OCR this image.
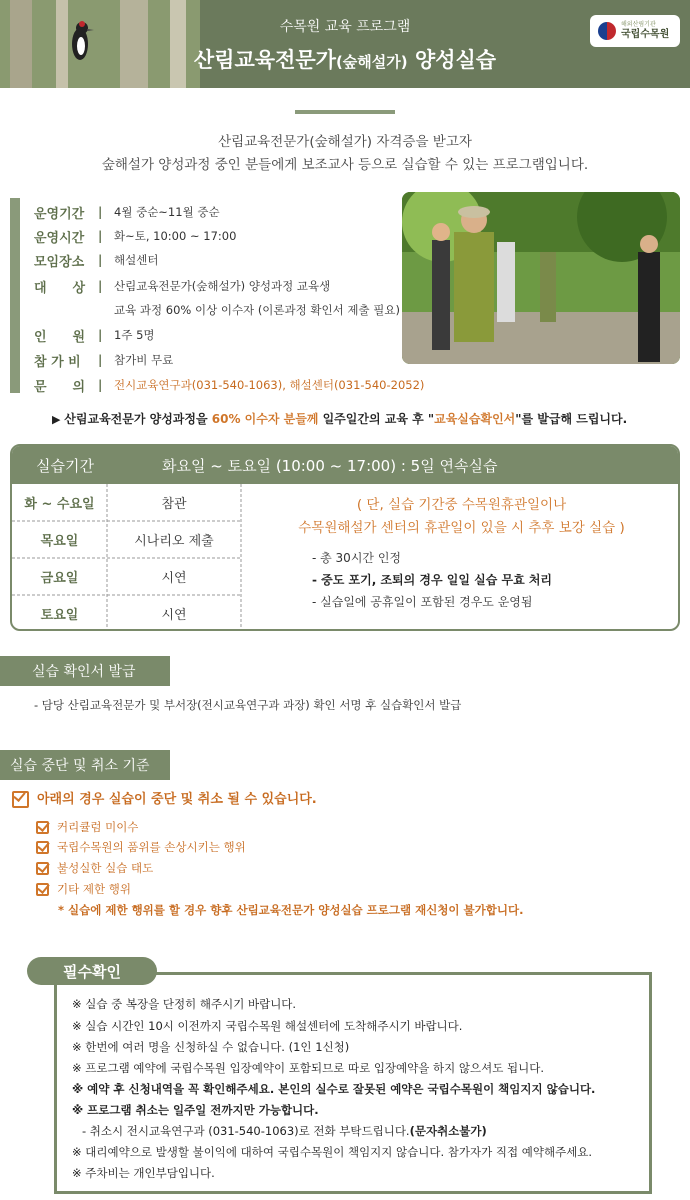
수목원 교육 프로그램
산림교육전문가(숲해설가) 양성실습
해외산림기관
국립수목원
산림교육전문가(숲해설가) 자격증을 받고자
숲해설가 양성과정 중인 분들에게 보조교사 등으로 실습할 수 있는 프로그램입니다.
운영기간	|	4월 중순~11월 중순
운영시간	|	화~토, 10:00 ~ 17:00
모임장소	|	해설센터
대　　상	|	산림교육전문가(숲해설가) 양성과정 교육생
교육 과정 60% 이상 이수자 (이론과정 확인서 제출 필요)
인　　원	|	1주 5명
참 가 비	|	참가비 무료
문　　의	|	전시교육연구과(031-540-1063), 해설센터(031-540-2052)
▶ 산림교육전문가 양성과정을 60% 이수자 분들께 일주일간의 교육 후 "교육실습확인서"를 발급해 드립니다.
실습기간	화요일 ~ 토요일 (10:00 ~ 17:00) : 5일 연속실습
화 ~ 수요일	참관
목요일	시나리오 제출
금요일	시연
토요일	시연
( 단, 실습 기간중 수목원휴관일이나
수목원해설가 센터의 휴관일이 있을 시 추후 보강 실습 )
- 총 30시간 인정
- 중도 포기, 조퇴의 경우 일일 실습 무효 처리
- 실습일에 공휴일이 포함된 경우도 운영됨
실습 확인서 발급
- 담당 산림교육전문가 및 부서장(전시교육연구과 과장) 확인 서명 후 실습확인서 발급
실습 중단 및 취소 기준
아래의 경우 실습이 중단 및 취소 될 수 있습니다.
커리큘럼 미이수
국립수목원의 품위를 손상시키는 행위
불성실한 실습 태도
기타 제한 행위
* 실습에 제한 행위를 할 경우 향후 산림교육전문가 양성실습 프로그램 재신청이 불가합니다.
필수확인
※ 실습 중 복장을 단정히 해주시기 바랍니다.
※ 실습 시간인 10시 이전까지 국립수목원 해설센터에 도착해주시기 바랍니다.
※ 한번에 여러 명을 신청하실 수 없습니다. (1인 1신청)
※ 프로그램 예약에 국립수목원 입장예약이 포함되므로 따로 입장예약을 하지 않으셔도 됩니다.
※ 예약 후 신청내역을 꼭 확인해주세요. 본인의 실수로 잘못된 예약은 국립수목원이 책임지지 않습니다.
※ 프로그램 취소는 일주일 전까지만 가능합니다.
- 취소시 전시교육연구과 (031-540-1063)로 전화 부탁드립니다.(문자취소불가)
※ 대리예약으로 발생할 불이익에 대하여 국립수목원이 책임지지 않습니다. 참가자가 직접 예약해주세요.
※ 주차비는 개인부담입니다.
